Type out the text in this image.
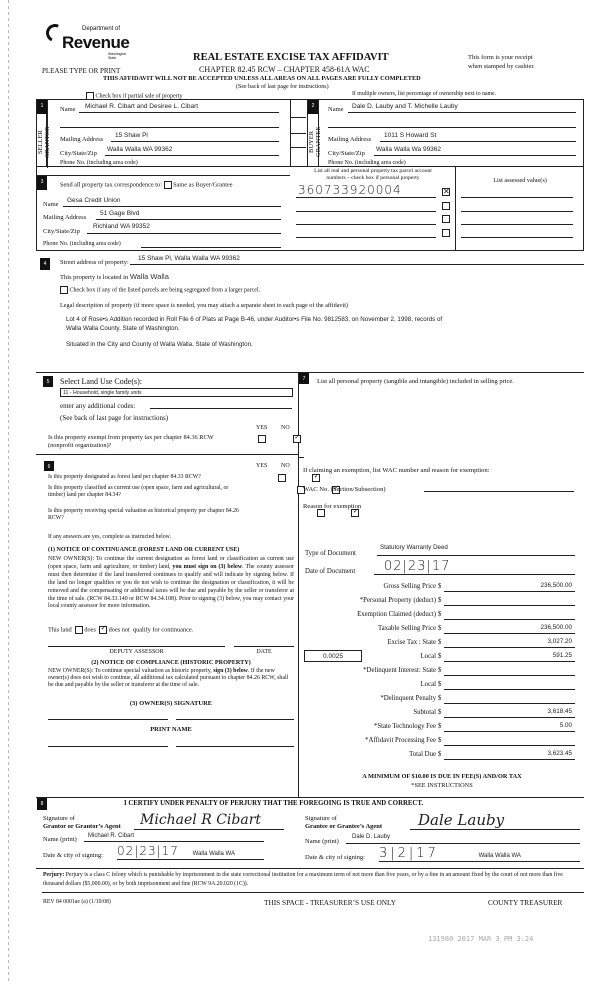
Department of
Revenue
Washington State
PLEASE TYPE OR PRINT
REAL ESTATE EXCISE TAX AFFIDAVIT
CHAPTER 82.45 RCW – CHAPTER 458-61A WAC
THIS AFFIDAVIT WILL NOT BE ACCEPTED UNLESS ALL AREAS ON ALL PAGES ARE FULLY COMPLETED
(See back of last page for instructions)
This form is your receipt
when stamped by cashier.
Check box if partial sale of property	If multiple owners, list percentage of ownership next to name.
1
SELLER

Name	Michael R. Cibart and Desiree L. Cibart
Mailing Address
15 Shaw Pl
City/State/Zip
Walla Walla WA 99362
Phone No. (including area code)
2
BUYER
GRANTEE
Name	Dale D. Lauby and T. Michelle Lauby
Mailing Address
1011 S Howard St
City/State/Zip
Walla Walla Wa 99362
Phone No. (including area code)
3	Send all property tax correspondence to: Same as Buyer/Grantee
Name
Gesa Credit Union
Mailing Address
51 Gage Blvd
City/State/Zip
Richland WA 99352
Phone No. (including area code)
List all real and personal property tax parcel account
numbers – check box if personal property	List assessed value(s)
360733920004
✕
4	Street address of property:
15 Shaw Pl, Walla Walla WA 99362
This property is located in Walla Walla
Check box if any of the listed parcels are being segregated from a larger parcel.
Legal description of property (if more space is needed, you may attach a separate sheet to each page of the affidavit)
Lot 4 of Rose•s Addition recorded in Roll File 6 of Plats at Page B-46, under Auditor•s File No. 9812583, on November 2, 1998, records of
Walla Walla County, State of Washington.
Situated in the City and County of Walla Walla, State of Washington.
5	Select Land Use Code(s):
11 - Household, single family units
enter any additional codes:
(See back of last page for instructions)
YES NO
Is this property exempt from property tax per chapter 84.36 RCW (nonprofit organization)?
✓
6	YES NO
Is this property designated as forest land per chapter 84.33 RCW?
✓
Is this property classified as current use (open space, farm and agricultural, or timber) land per chapter 84.34?
✓
Is this property receiving special valuation as historical property per chapter 84.26 RCW?
✓
If any answers are yes, complete as instructed below.
(1) NOTICE OF CONTINUANCE (FOREST LAND OR CURRENT USE)
NEW OWNER(S): To continue the current designation as forest land or classification as current use (open space, farm and agriculture, or timber) land, you must sign on (3) below. The county assessor must then determine if the land transferred continues to qualify and will indicate by signing below. If the land no longer qualifies or you do not wish to continue the designation or classification, it will be removed and the compensating or additional taxes will be due and payable by the seller or transferor at the time of sale. (RCW 84.33.140 or RCW 84.34.108). Prior to signing (3) below, you may contact your local county assessor for more information.
This land does ✓ does not qualify for continuance.
DEPUTY ASSESSOR	DATE
(2) NOTICE OF COMPLIANCE (HISTORIC PROPERTY)
NEW OWNER(S): To continue special valuation as historic property, sign (3) below. If the new owner(s) does not wish to continue, all additional tax calculated pursuant to chapter 84.26 RCW, shall be due and payable by the seller or transferor at the time of sale.
(3) OWNER(S) SIGNATURE
PRINT NAME
7	List all personal property (tangible and intangible) included in selling price.
If claiming an exemption, list WAC number and reason for exemption:
WAC No. (Section/Subsection)
Reason for exemption
Type of Document
Statutory Warranty Deed
Date of Document	02|23|17
Gross Selling Price $	236,500.00
*Personal Property (deduct) $
Exemption Claimed (deduct) $
Taxable Selling Price $	236,500.00
Excise Tax : State $	3,027.20
0.0025	Local $	591.25
*Delinquent Interest: State $
Local $
*Delinquent Penalty $
Subtotal $	3,618.45
*State Technology Fee $	5.00
*Affidavit Processing Fee $
Total Due $	3,623.45
A MINIMUM OF $10.00 IS DUE IN FEE(S) AND/OR TAX
*SEE INSTRUCTIONS
8	I CERTIFY UNDER PENALTY OF PERJURY THAT THE FOREGOING IS TRUE AND CORRECT.
Signature of
Grantor or Grantor’s Agent	Michael R Cibart
Name (print)	Michael R. Cibart
Date & city of signing: 02|23|17 Walla Walla WA
Signature of
Grantee or Grantee’s Agent	Dale Lauby
Name (print)
Dale D. Lauby
Date & city of signing: 3|2|17	Walla Walla WA
Perjury: Perjury is a class C felony which is punishable by imprisonment in the state correctional institution for a maximum term of not more than five years, or by a fine in an amount fixed by the court of not more than five thousand dollars ($5,000.00), or by both imprisonment and fine (RCW 9A.20.020 (1C)).
REV 84 0001ae (a) (1/10/08)	THIS SPACE - TREASURER’S USE ONLY	COUNTY TREASURER
131980 2017 MAR 3 PM 3:24
